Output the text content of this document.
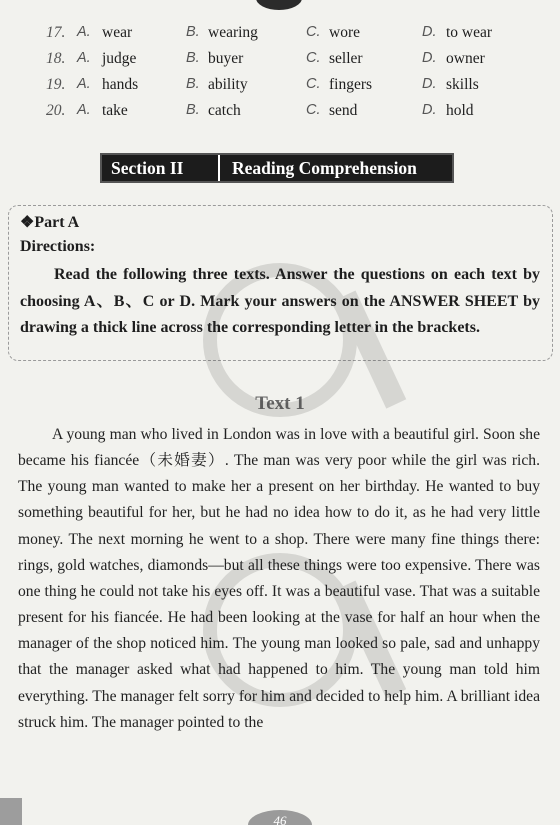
17. A. wear	B. wearing	C. wore	D. to wear
18. A. judge	B. buyer	C. seller	D. owner
19. A. hands	B. ability	C. fingers	D. skills
20. A. take	B. catch	C. send	D. hold
Section II	Reading Comprehension
❖Part A
Directions:
Read the following three texts. Answer the questions on each text by choosing A、B、C or D. Mark your answers on the ANSWER SHEET by drawing a thick line across the corresponding letter in the brackets.
Text 1
A young man who lived in London was in love with a beautiful girl. Soon she became his fiancée（未婚妻）. The man was very poor while the girl was rich. The young man wanted to make her a present on her birthday. He wanted to buy something beautiful for her, but he had no idea how to do it, as he had very little money. The next morning he went to a shop. There were many fine things there: rings, gold watches, diamonds—but all these things were too expensive. There was one thing he could not take his eyes off. It was a beautiful vase. That was a suitable present for his fiancée. He had been looking at the vase for half an hour when the manager of the shop noticed him. The young man looked so pale, sad and unhappy that the manager asked what had happened to him. The young man told him everything. The manager felt sorry for him and decided to help him. A brilliant idea struck him. The manager pointed to the
46
